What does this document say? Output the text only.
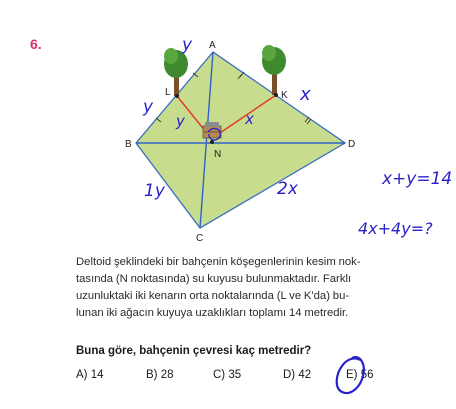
6.	A
B
C
D
K
L
N
y
y
y
x
x
1y	2x	x+y=14
4x+4y=?
Deltoid şeklindeki bir bahçenin köşegenlerinin kesim nok-
tasında (N noktasında) su kuyusu bulunmaktadır. Farklı
uzunluktaki iki kenarın orta noktalarında (L ve K'da) bu-
lunan iki ağacın kuyuya uzaklıkları toplamı 14 metredir.
Buna göre, bahçenin çevresi kaç metredir?
A) 14	B) 28	C) 35	D) 42	E) 56
